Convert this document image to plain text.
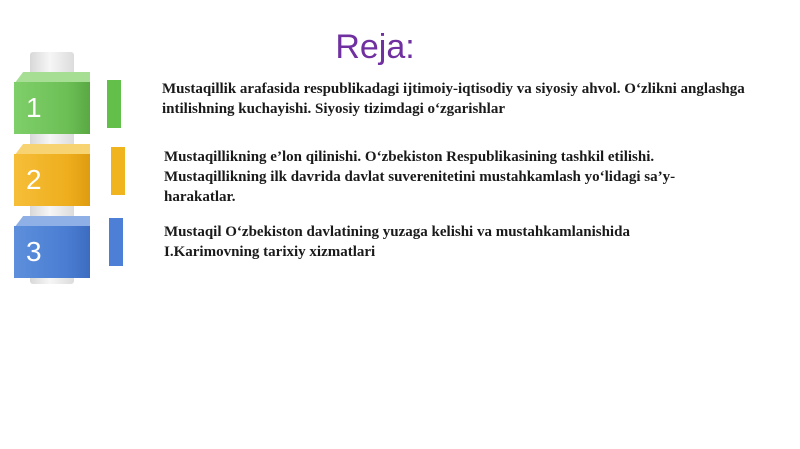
Reja:
1
2
3
Mustaqillik arafasida respublikadagi ijtimoiy-iqtisodiy va siyosiy ahvol. O‘zlikni anglashga intilishning kuchayishi. Siyosiy tizimdagi o‘zgarishlar
Mustaqillikning e’lon qilinishi. O‘zbekiston Respublikasining tashkil etilishi. Mustaqillikning ilk davrida davlat suverenitetini mustahkamlash yo‘lidagi sa’y-harakatlar.
Mustaqil O‘zbekiston davlatining yuzaga kelishi va mustahkamlanishida I.Karimovning tarixiy xizmatlari
